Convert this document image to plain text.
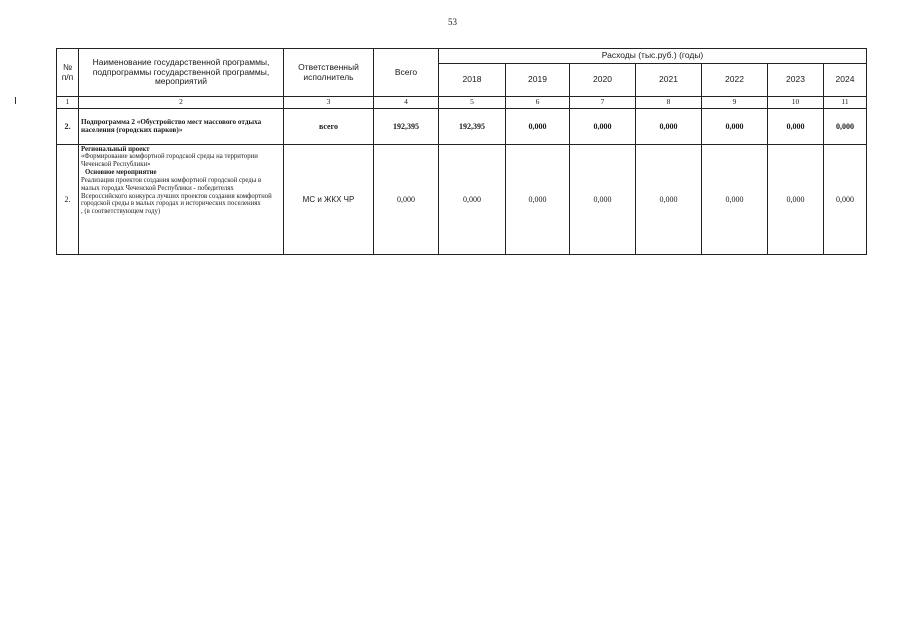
53
№ п/п	Наименование государственной программы, подпрограммы государственной программы, мероприятий	Ответственный исполнитель	Всего	Расходы (тыс.руб.) (годы)						
				2018	2019	2020	2021	2022	2023	2024
1	2	3	4	5	6	7	8	9	10	11
2.	Подпрограмма 2 «Обустройство мест массового отдыха населения (городских парков)»	всего	192,395	192,395	0,000	0,000	0,000	0,000	0,000	0,000
2.	Региональный проект
«Формирование комфортной городской среды на территории Чеченской Республики»
Основное мероприятие
Реализация проектов создания комфортной городской среды в малых городах Чеченской Республики - победителях Всероссийского конкурса лучших проектов создания комфортной городской среды в малых городах и исторических поселениях
, (в соответствующем году)	МС и ЖКХ ЧР	0,000	0,000	0,000	0,000	0,000	0,000	0,000	0,000
